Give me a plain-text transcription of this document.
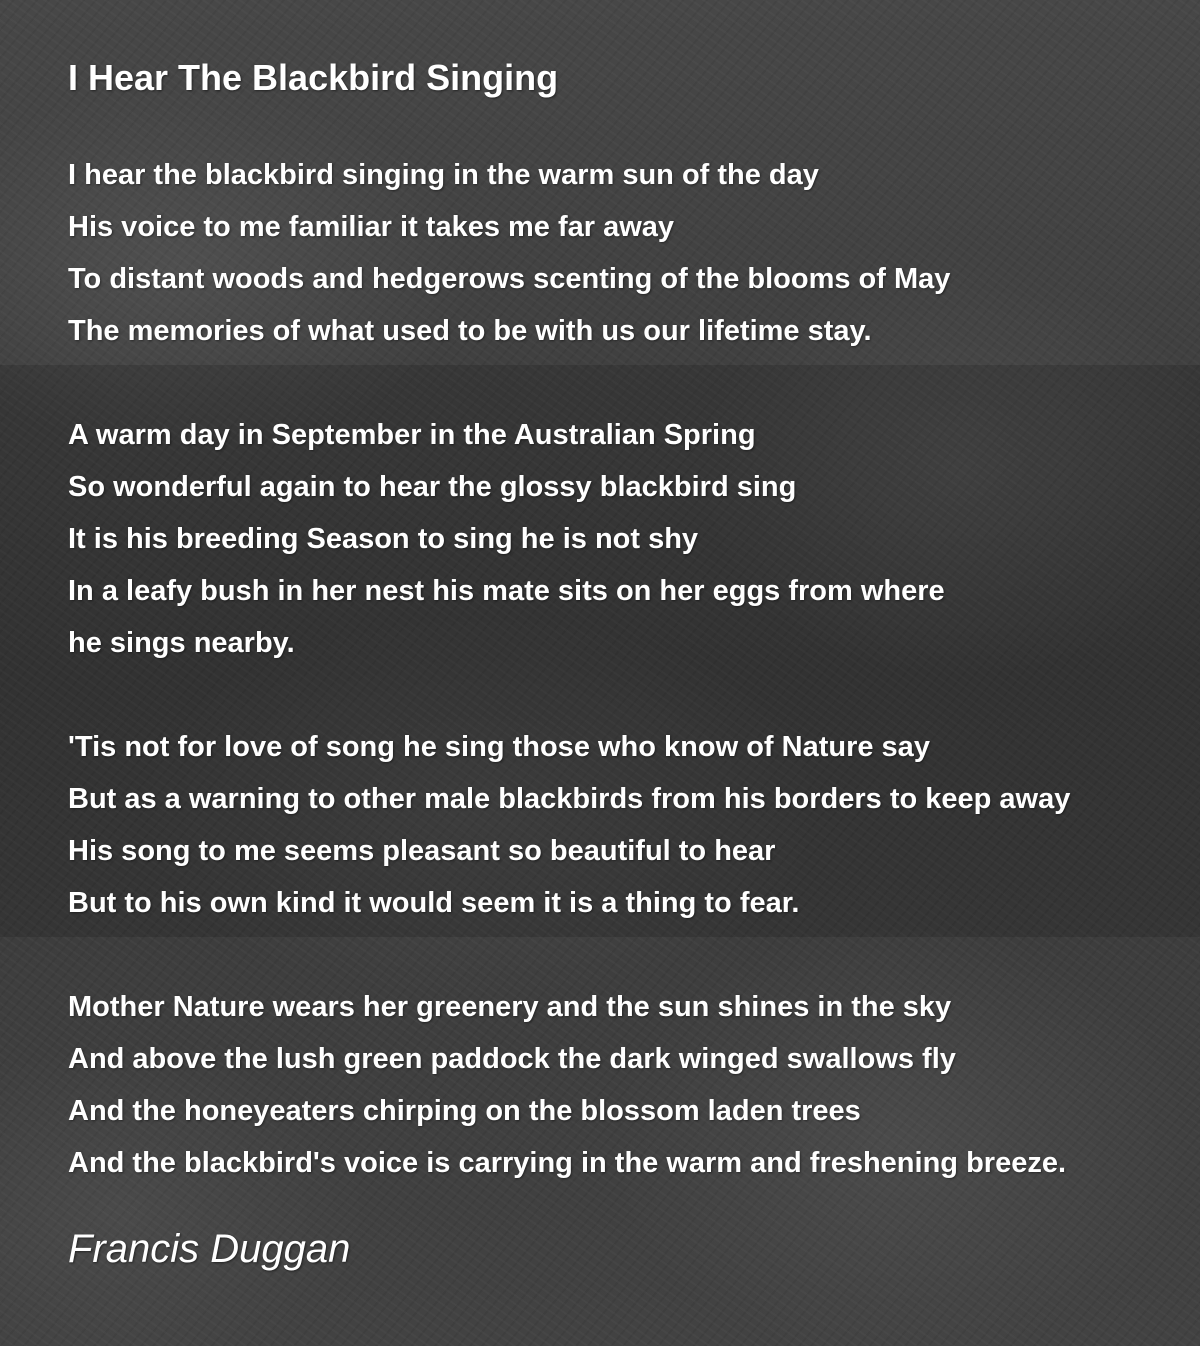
I Hear The Blackbird Singing
I hear the blackbird singing in the warm sun of the day
His voice to me familiar it takes me far away
To distant woods and hedgerows scenting of the blooms of May
The memories of what used to be with us our lifetime stay.
A warm day in September in the Australian Spring
So wonderful again to hear the glossy blackbird sing
It is his breeding Season to sing he is not shy
In a leafy bush in her nest his mate sits on her eggs from where
he sings nearby.
'Tis not for love of song he sing those who know of Nature say
But as a warning to other male blackbirds from his borders to keep away
His song to me seems pleasant so beautiful to hear
But to his own kind it would seem it is a thing to fear.
Mother Nature wears her greenery and the sun shines in the sky
And above the lush green paddock the dark winged swallows fly
And the honeyeaters chirping on the blossom laden trees
And the blackbird's voice is carrying in the warm and freshening breeze.
Francis Duggan
